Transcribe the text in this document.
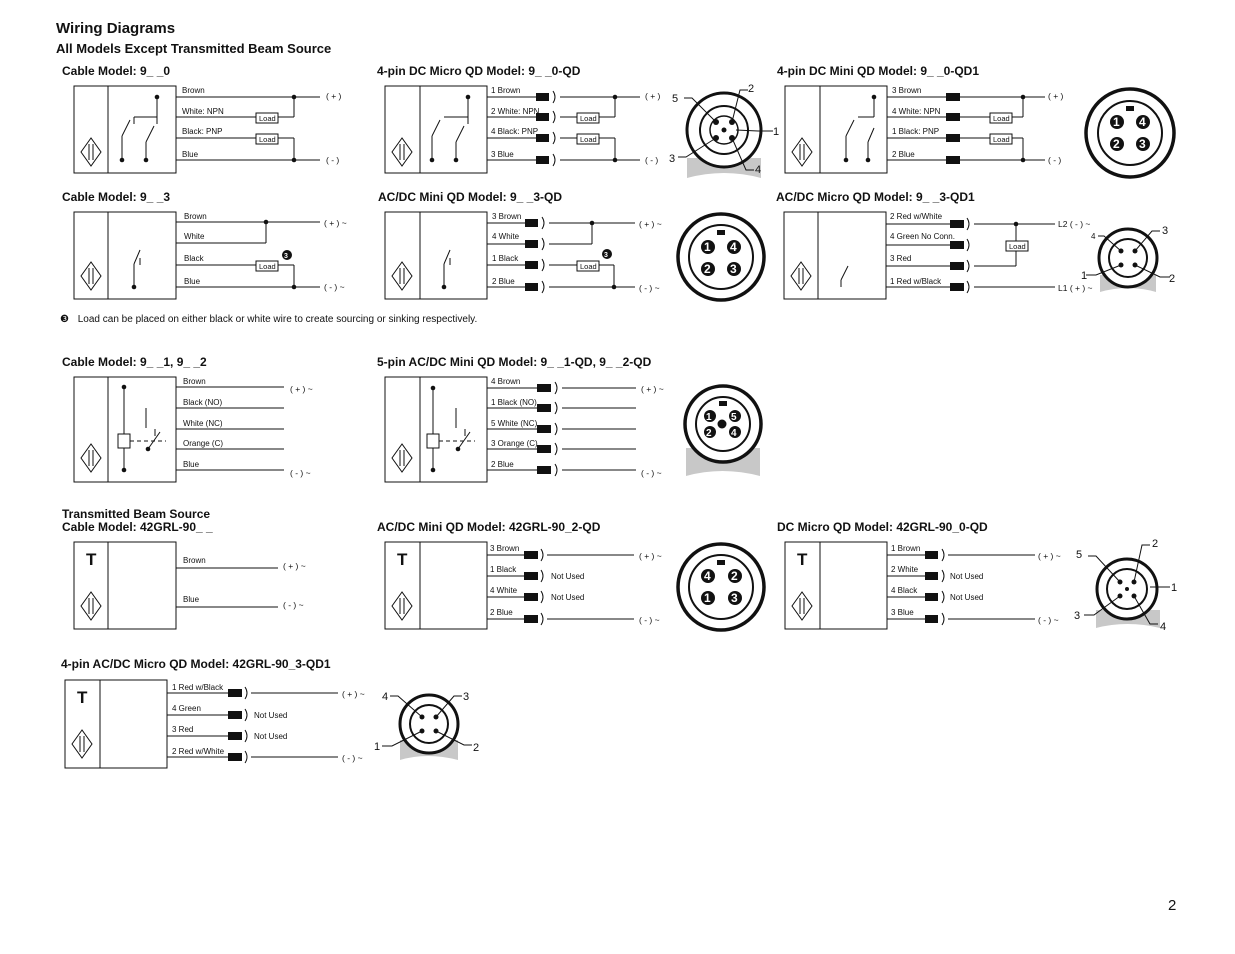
Wiring Diagrams
All Models Except Transmitted Beam Source
Cable Model: 9_ _0	4-pin DC Micro QD Model: 9_ _0-QD	4-pin DC Mini QD Model: 9_ _0-QD1
Cable Model: 9_ _3	AC/DC Mini QD Model: 9_ _3-QD	AC/DC Micro QD Model: 9_ _3-QD1
❸ Load can be placed on either black or white wire to create sourcing or sinking respectively.
Cable Model: 9_ _1, 9_ _2	5-pin AC/DC Mini QD Model: 9_ _1-QD, 9_ _2-QD
Transmitted Beam Source
Cable Model: 42GRL-90_ _	AC/DC Mini QD Model: 42GRL-90_2-QD	DC Micro QD Model: 42GRL-90_0-QD
4-pin AC/DC Micro QD Model: 42GRL-90_3-QD1
2
Brown
White: NPN
Black: PNP
Blue
Load
Load
( + )
( - )
1 Brown
2 White: NPN
4 Black: PNP
3 Blue
Load
Load
( + )
( - )
5
2
1
3
4
3 Brown
4 White: NPN
1 Black: PNP
2 Blue
Load
Load
( + )
( - )
1 4
2 3
Brown
White
Black
Blue
Load
3
( + ) ~
( - ) ~
3
3 Brown
4 White
1 Black
2 Blue
Load
( + ) ~
( - ) ~
1 4
2 3
2 Red w/White
4 Green No Conn.
3 Red
1 Red w/Black
Load
L2 ( - ) ~
L1 ( + ) ~
4	3
1	2
Brown
Black (NO)
White (NC)
Orange (C)
Blue
( + ) ~
( - ) ~
4 Brown
1 Black (NO)
5 White (NC)
3 Orange (C)
2 Blue
( + ) ~
( - ) ~
1 5
2 4
T	Brown
Blue
( + ) ~
( - ) ~
T
3 Brown
1 Black
4 White
2 Blue
Not Used
Not Used
( + ) ~
( - ) ~
4 2
1 3
T
1 Brown
2 White
4 Black
3 Blue
Not Used
Not Used
( + ) ~
( - ) ~
5
2
1
3
4
T
1 Red w/Black
4 Green
3 Red
2 Red w/White
Not Used
Not Used
( + ) ~
( - ) ~
4	3
1	2
